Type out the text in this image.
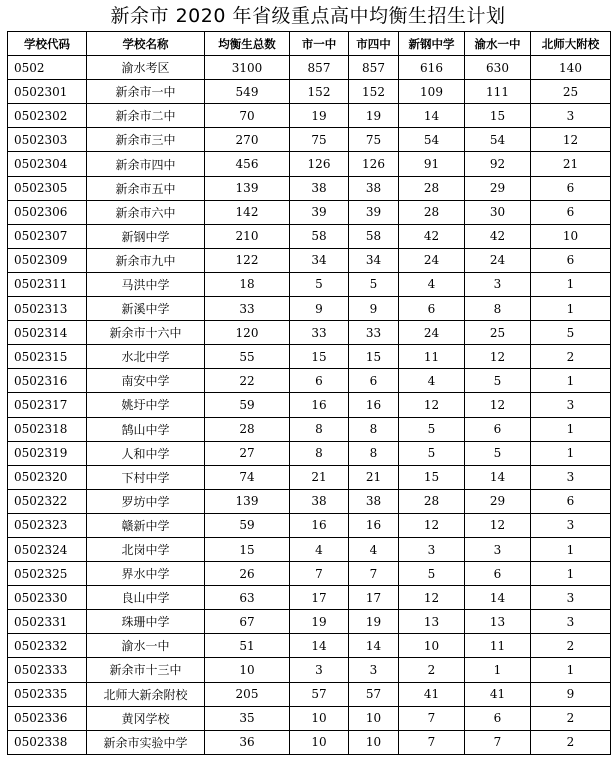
新余市 2020 年省级重点高中均衡生招生计划
学校代码	学校名称	均衡生总数	市一中	市四中	新钢中学	渝水一中	北师大附校
0502	渝水考区	3100	857	857	616	630	140
0502301	新余市一中	549	152	152	109	111	25
0502302	新余市二中	70	19	19	14	15	3
0502303	新余市三中	270	75	75	54	54	12
0502304	新余市四中	456	126	126	91	92	21
0502305	新余市五中	139	38	38	28	29	6
0502306	新余市六中	142	39	39	28	30	6
0502307	新钢中学	210	58	58	42	42	10
0502309	新余市九中	122	34	34	24	24	6
0502311	马洪中学	18	5	5	4	3	1
0502313	新溪中学	33	9	9	6	8	1
0502314	新余市十六中	120	33	33	24	25	5
0502315	水北中学	55	15	15	11	12	2
0502316	南安中学	22	6	6	4	5	1
0502317	姚圩中学	59	16	16	12	12	3
0502318	鹄山中学	28	8	8	5	6	1
0502319	人和中学	27	8	8	5	5	1
0502320	下村中学	74	21	21	15	14	3
0502322	罗坊中学	139	38	38	28	29	6
0502323	赣新中学	59	16	16	12	12	3
0502324	北岗中学	15	4	4	3	3	1
0502325	界水中学	26	7	7	5	6	1
0502330	良山中学	63	17	17	12	14	3
0502331	珠珊中学	67	19	19	13	13	3
0502332	渝水一中	51	14	14	10	11	2
0502333	新余市十三中	10	3	3	2	1	1
0502335	北师大新余附校	205	57	57	41	41	9
0502336	黄冈学校	35	10	10	7	6	2
0502338	新余市实验中学	36	10	10	7	7	2
